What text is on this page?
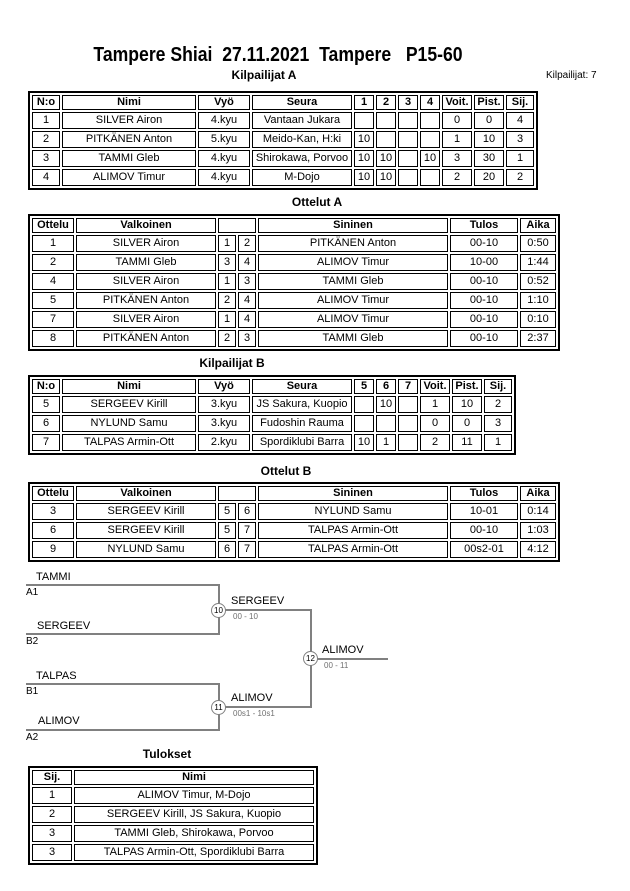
Tampere Shiai  27.11.2021  Tampere   P15-60
Kilpailijat A	Kilpailijat: 7
N:o	Nimi	Vyö	Seura	1	2	3	4	Voit.	Pist.	Sij.
1	SILVER Airon	4.kyu	Vantaan Jukara					0	0	4
2	PITKÄNEN Anton	5.kyu	Meido-Kan, H:ki	10				1	10	3
3	TAMMI Gleb	4.kyu	Shirokawa, Porvoo	10	10		10	3	30	1
4	ALIMOV Timur	4.kyu	M-Dojo	10	10			2	20	2
Ottelut A
Ottelu	Valkoinen			Sininen	Tulos	Aika
1	SILVER Airon	1	2	PITKÄNEN Anton	00-10	0:50
2	TAMMI Gleb	3	4	ALIMOV Timur	10-00	1:44
4	SILVER Airon	1	3	TAMMI Gleb	00-10	0:52
5	PITKÄNEN Anton	2	4	ALIMOV Timur	00-10	1:10
7	SILVER Airon	1	4	ALIMOV Timur	00-10	0:10
8	PITKÄNEN Anton	2	3	TAMMI Gleb	00-10	2:37
Kilpailijat B
N:o	Nimi	Vyö	Seura	5	6	7	Voit.	Pist.	Sij.
5	SERGEEV Kirill	3.kyu	JS Sakura, Kuopio		10		1	10	2
6	NYLUND Samu	3.kyu	Fudoshin Rauma				0	0	3
7	TALPAS Armin-Ott	2.kyu	Spordiklubi Barra	10	1		2	11	1
Ottelut B
Ottelu	Valkoinen			Sininen	Tulos	Aika
3	SERGEEV Kirill	5	6	NYLUND Samu	10-01	0:14
6	SERGEEV Kirill	5	7	TALPAS Armin-Ott	00-10	1:03
9	NYLUND Samu	6	7	TALPAS Armin-Ott	00s2-01	4:12
TAMMI
A1
SERGEEV
B2
TALPAS
B1
ALIMOV
A2
10
SERGEEV
00 - 10
11
ALIMOV
00s1 - 10s1
12
ALIMOV
00 - 11
Tulokset
Sij.	Nimi
1	ALIMOV Timur, M-Dojo
2	SERGEEV Kirill, JS Sakura, Kuopio
3	TAMMI Gleb, Shirokawa, Porvoo
3	TALPAS Armin-Ott, Spordiklubi Barra
